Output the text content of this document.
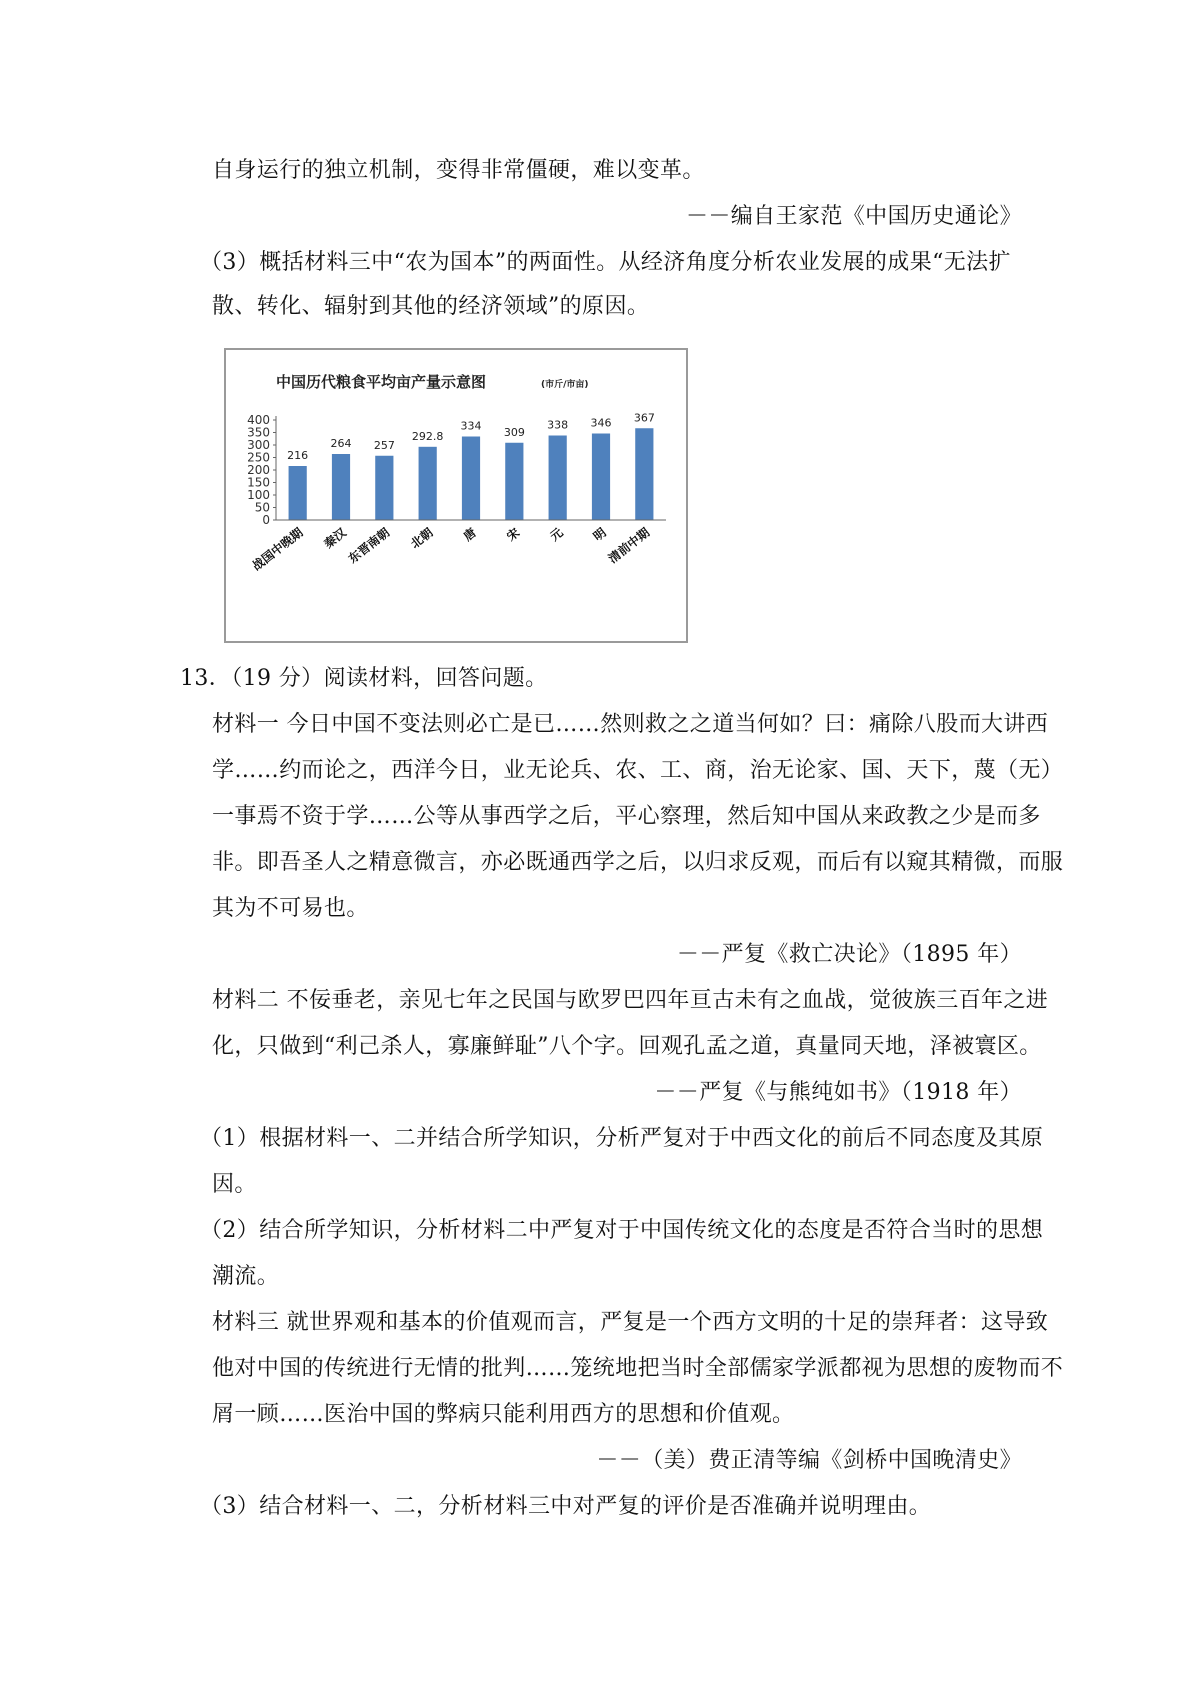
自身运行的独立机制，变得非常僵硬，难以变革。
－－编自王家范《中国历史通论》
（3）概括材料三中“农为国本”的两面性。从经济角度分析农业发展的成果“无法扩
散、转化、辐射到其他的经济领域”的原因。
中国历代粮食平均亩产量示意图	(市斤/市亩)
0
50
100
150
200
250
300
350
400
216
264 257
292.8
334 309
338 346 367
战国中晚期 秦汉
东晋南朝 北朝 唐 宋 元 明
清前中期
13．（19 分）阅读材料，回答问题。
材料一 今日中国不变法则必亡是已……然则救之之道当何如？曰：痛除八股而大讲西
学……约而论之，西洋今日，业无论兵、农、工、商，治无论家、国、天下，蔑（无）
一事焉不资于学……公等从事西学之后，平心察理，然后知中国从来政教之少是而多
非。即吾圣人之精意微言，亦必既通西学之后，以归求反观，而后有以窥其精微，而服
其为不可易也。
－－严复《救亡决论》（1895 年）
材料二 不佞垂老，亲见七年之民国与欧罗巴四年亘古未有之血战，觉彼族三百年之进
化，只做到“利己杀人，寡廉鲜耻”八个字。回观孔孟之道，真量同天地，泽被寰区。
－－严复《与熊纯如书》（1918 年）
（1）根据材料一、二并结合所学知识，分析严复对于中西文化的前后不同态度及其原
因。
（2）结合所学知识，分析材料二中严复对于中国传统文化的态度是否符合当时的思想
潮流。
材料三 就世界观和基本的价值观而言，严复是一个西方文明的十足的崇拜者：这导致
他对中国的传统进行无情的批判……笼统地把当时全部儒家学派都视为思想的废物而不
屑一顾……医治中国的弊病只能利用西方的思想和价值观。
－－（美）费正清等编《剑桥中国晚清史》
（3）结合材料一、二，分析材料三中对严复的评价是否准确并说明理由。
